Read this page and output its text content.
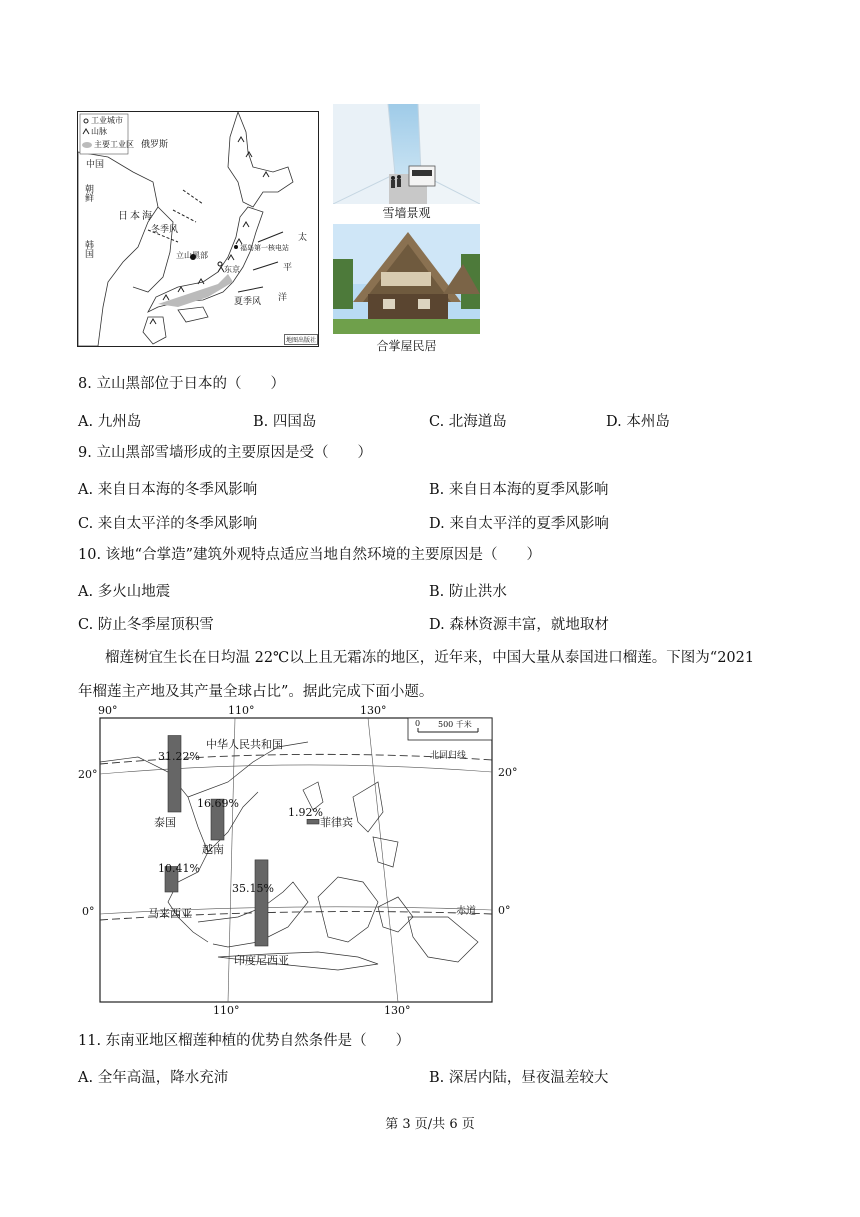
工业城市
山脉
主要工业区 俄罗斯
中国
朝鲜
日本海
韩国
冬季风
立山黑部
福岛第一核电站
东京
夏季风
太
平
洋
地图出版社
雪墙景观
合掌屋民居
8. 立山黑部位于日本的（　　）
A. 九州岛	B. 四国岛	C. 北海道岛	D. 本州岛
9. 立山黑部雪墙形成的主要原因是受（　　）
A. 来自日本海的冬季风影响	B. 来自日本海的夏季风影响
C. 来自太平洋的冬季风影响	D. 来自太平洋的夏季风影响
10. 该地“合掌造”建筑外观特点适应当地自然环境的主要原因是（　　）
A. 多火山地震	B. 防止洪水
C. 防止冬季屋顶积雪	D. 森林资源丰富，就地取材
榴莲树宜生长在日均温 22℃以上且无霜冻的地区，近年来，中国大量从泰国进口榴莲。下图为“2021
年榴莲主产地及其产量全球占比”。据此完成下面小题。
90°	110°	130°
110°	130°
20°	20°
0°	0°
0 500 千米
中华人民共和国
北回归线
赤道
31.22%
泰国
16.69%
越南
1.92%
菲律宾
10.41%
马来西亚
35.15%
印度尼西亚
11. 东南亚地区榴莲种植的优势自然条件是（　　）
A. 全年高温，降水充沛	B. 深居内陆，昼夜温差较大
第 3 页/共 6 页
